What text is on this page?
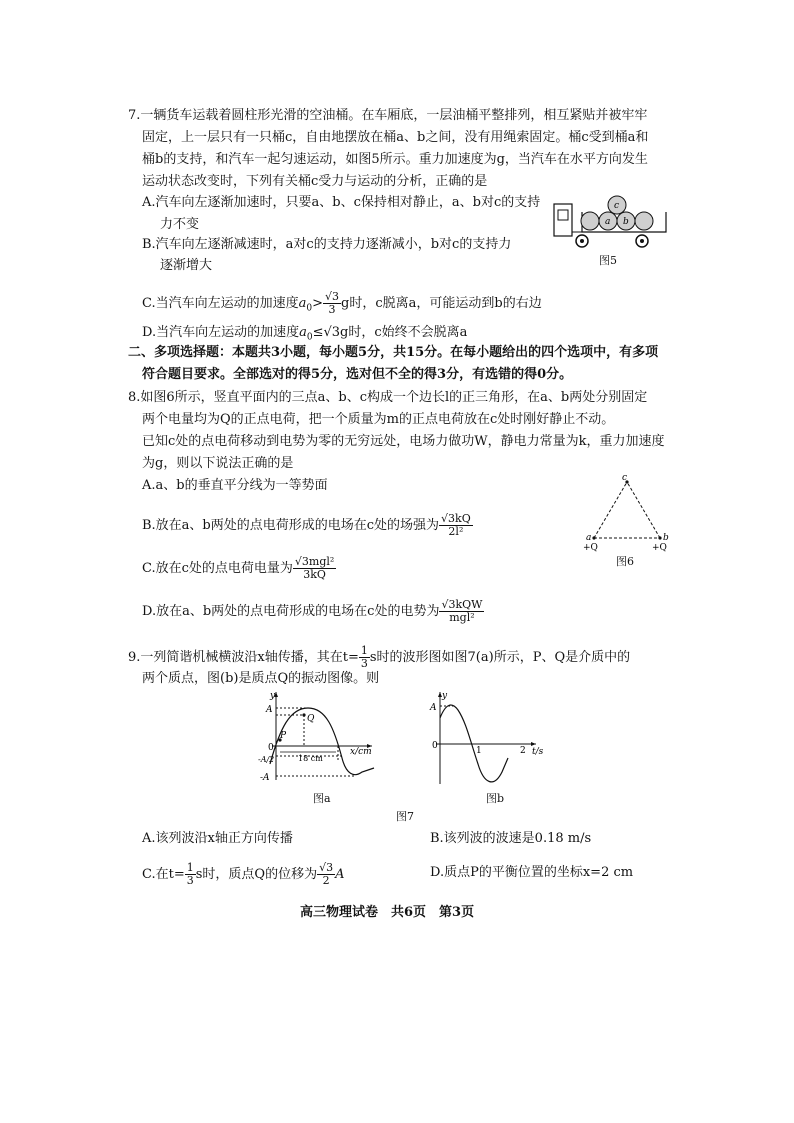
7.一辆货车运载着圆柱形光滑的空油桶。在车厢底，一层油桶平整排列，相互紧贴并被牢牢
固定，上一层只有一只桶c，自由地摆放在桶a、b之间，没有用绳索固定。桶c受到桶a和
桶b的支持，和汽车一起匀速运动，如图5所示。重力加速度为g，当汽车在水平方向发生
运动状态改变时，下列有关桶c受力与运动的分析，正确的是
A.汽车向左逐渐加速时，只要a、b、c保持相对静止，a、b对c的支持
力不变
B.汽车向左逐渐减速时，a对c的支持力逐渐减小，b对c的支持力
逐渐增大
C.当汽车向左运动的加速度$a_0> \frac{√3}{3}$ g时，c脱离a，可能运动到b的右边
D.当汽车向左运动的加速度$a_0\le√3g$时，c始终不会脱离a
c
a b
图5
二、多项选择题：本题共3小题，每小题5分，共15分。在每小题给出的四个选项中，有多项
符合题目要求。全部选对的得5分，选对但不全的得3分，有选错的得0分。
8.如图6所示，竖直平面内的三点a、b、c构成一个边长l的正三角形，在a、b两处分别固定
两个电量均为Q的正点电荷，把一个质量为m的正点电荷放在c处时刚好静止不动。
已知c处的点电荷移动到电势为零的无穷远处，电场力做功W，静电力常量为k，重力加速度
为g，则以下说法正确的是
A.a、b的垂直平分线为一等势面
B.放在a、b两处的点电荷形成的电场在c处的场强为 $\frac{√3kQ}{\text{2l²}}$
C.放在c处的点电荷电量为 $\frac{\text{√3mgl²}}{3kQ}$
D.放在a、b两处的点电荷形成的电场在c处的电势为 $\frac{\text{√3kQW}}{\text{mgl²}}$
c
a	b
+Q	+Q
图6
9.一列简谐机械横波沿x轴传播，其在$t= \frac{1}{3}$ s时的波形图如图7(a)所示，P、Q是介质中的
两个质点，图(b)是质点Q的振动图像。则
y
A
Q
P
0	x/cm
18 cm
-A/2
-A
图a
A
y
0	1	2 t/s
图b
图7
A.该列波沿x轴正方向传播	B.该列波的波速是0.18 m/s
C.在$t= \frac{1}{3}$ s时，质点Q的位移为 $\frac{√3}{2}$ A	D.质点P的平衡位置的坐标x=2 cm
高三物理试卷　共6页　第3页
